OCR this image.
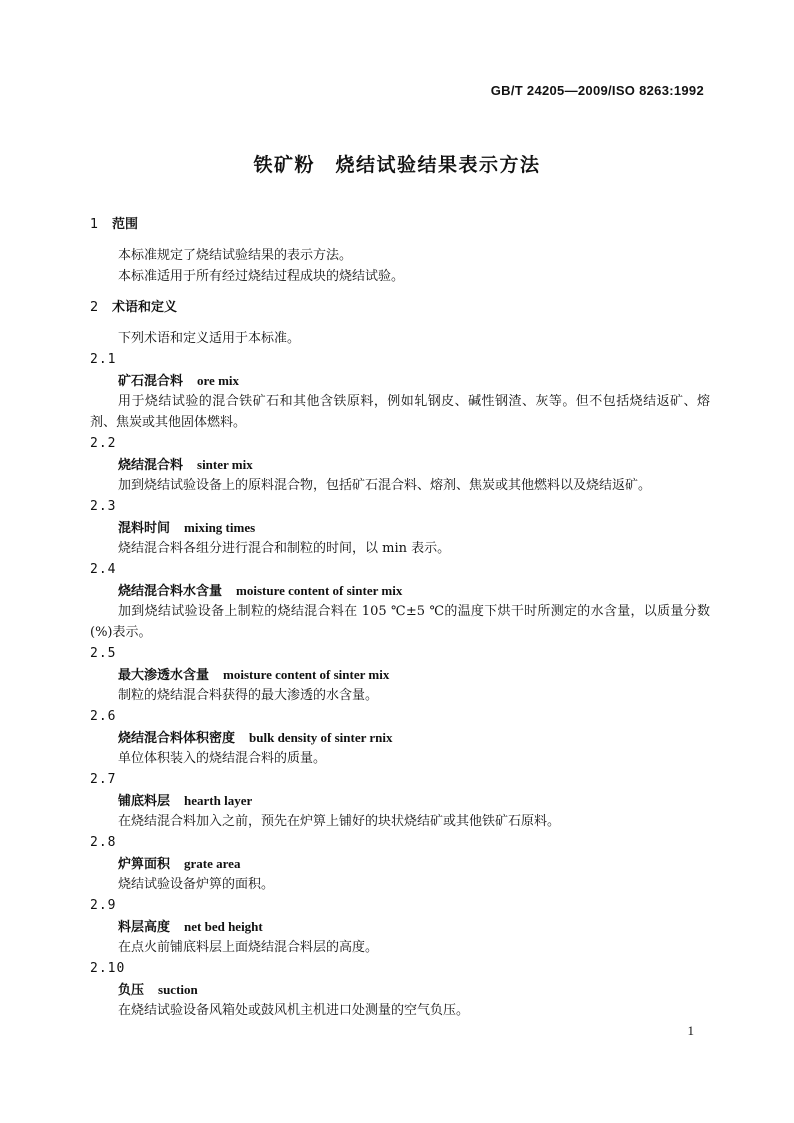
GB/T 24205—2009/ISO 8263:1992
铁矿粉　烧结试验结果表示方法
1 范围

本标准规定了烧结试验结果的表示方法。

本标准适用于所有经过烧结过程成块的烧结试验。

2 术语和定义

下列术语和定义适用于本标准。

2.1
矿石混合料 ore mix

用于烧结试验的混合铁矿石和其他含铁原料，例如轧钢皮、碱性钢渣、灰等。但不包括烧结返矿、熔剂、焦炭或其他固体燃料。

2.2
烧结混合料 sinter mix

加到烧结试验设备上的原料混合物，包括矿石混合料、熔剂、焦炭或其他燃料以及烧结返矿。

2.3
混料时间 mixing times

烧结混合料各组分进行混合和制粒的时间，以 min 表示。

2.4
烧结混合料水含量 moisture content of sinter mix

加到烧结试验设备上制粒的烧结混合料在 105 ℃±5 ℃的温度下烘干时所测定的水含量，以质量分数(%)表示。

2.5
最大渗透水含量 moisture content of sinter mix

制粒的烧结混合料获得的最大渗透的水含量。

2.6
烧结混合料体积密度 bulk density of sinter rnix

单位体积装入的烧结混合料的质量。

2.7
铺底料层 hearth layer

在烧结混合料加入之前，预先在炉箅上铺好的块状烧结矿或其他铁矿石原料。

2.8
炉箅面积 grate area

烧结试验设备炉箅的面积。

2.9
料层高度 net bed height

在点火前铺底料层上面烧结混合料层的高度。

2.10
负压 suction

在烧结试验设备风箱处或鼓风机主机进口处测量的空气负压。

1
